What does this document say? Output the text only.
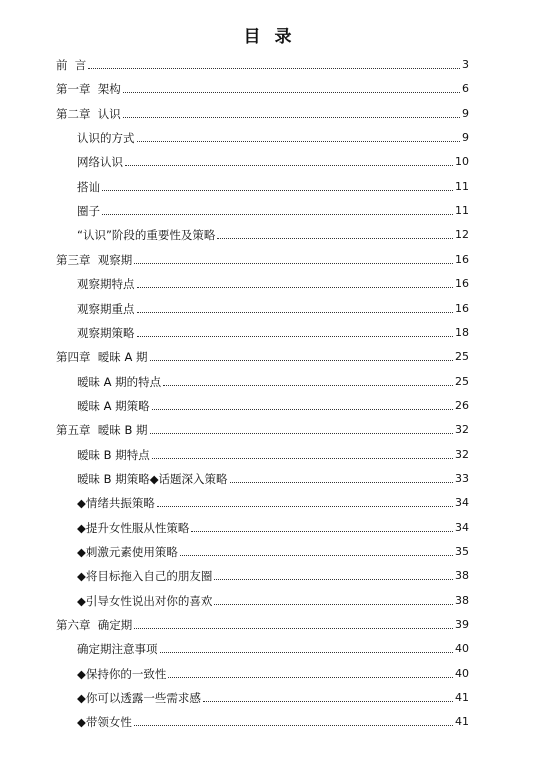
目 录
前  言	3
第一章  架构	6
第二章  认识	9
认识的方式	9
网络认识	10
搭讪	11
圈子	11
“认识”阶段的重要性及策略	12
第三章  观察期	16
观察期特点	16
观察期重点	16
观察期策略	18
第四章  暧昧 A 期	25
暧昧 A 期的特点	25
暧昧 A 期策略	26
第五章  暧昧 B 期	32
暧昧 B 期特点	32
暧昧 B 期策略◆话题深入策略	33
◆情绪共振策略	34
◆提升女性服从性策略	34
◆刺激元素使用策略	35
◆将目标拖入自己的朋友圈	38
◆引导女性说出对你的喜欢	38
第六章  确定期	39
确定期注意事项	40
◆保持你的一致性	40
◆你可以透露一些需求感	41
◆带领女性	41
